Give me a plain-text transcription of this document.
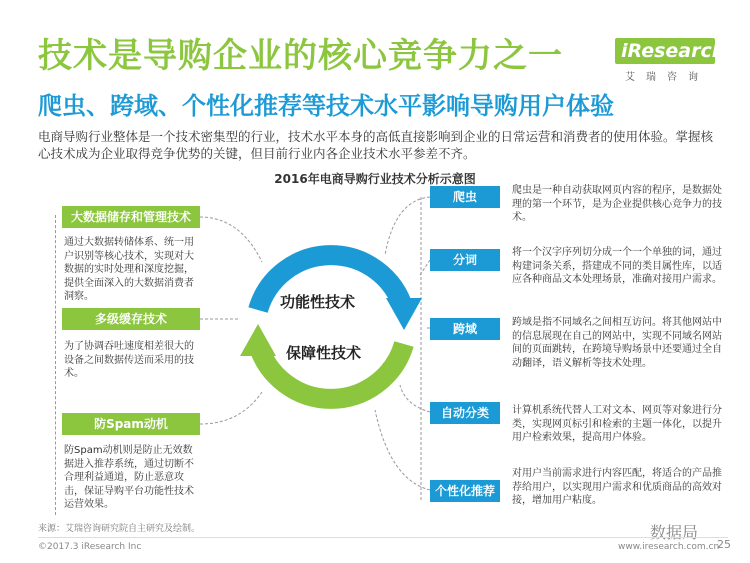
技术是导购企业的核心竞争力之一
爬虫、跨域、个性化推荐等技术水平影响导购用户体验
iResearch
艾瑞咨询
电商导购行业整体是一个技术密集型的行业，技术水平本身的高低直接影响到企业的日常运营和消费者的使用体验。掌握核心技术成为企业取得竞争优势的关键，但目前行业内各企业技术水平参差不齐。
2016年电商导购行业技术分析示意图
大数据储存和管理技术
通过大数据转储体系、统一用户识别等核心技术，实现对大数据的实时处理和深度挖掘，提供全面深入的大数据消费者洞察。
多级缓存技术
为了协调吞吐速度相差很大的设备之间数据传送而采用的技术。
防Spam动机
防Spam动机则是防止无效数据进入推荐系统，通过切断不合理利益通道，防止恶意攻击，保证导购平台功能性技术运营效果。
功能性技术
保障性技术
爬虫	爬虫是一种自动获取网页内容的程序，是数据处理的第一个环节，是为企业提供核心竞争力的技术。
分词
将一个汉字序列切分成一个一个单独的词，通过构建词条关系，搭建成不同的类目属性库，以适应各种商品文本处理场景，准确对接用户需求。
跨域	跨域是指不同域名之间相互访问。将其他网站中的信息展现在自己的网站中，实现不同域名网站间的页面跳转，在跨境导购场景中还要通过全自动翻译，语义解析等技术处理。
自动分类	计算机系统代替人工对文本、网页等对象进行分类，实现网页标引和检索的主题一体化，以提升用户检索效果，提高用户体验。
个性化推荐
对用户当前需求进行内容匹配，将适合的产品推荐给用户，以实现用户需求和优质商品的高效对接，增加用户粘度。
来源：艾瑞咨询研究院自主研究及绘制。	数据局
©2017.3 iResearch Inc	www.iresearch.com.cn
25
